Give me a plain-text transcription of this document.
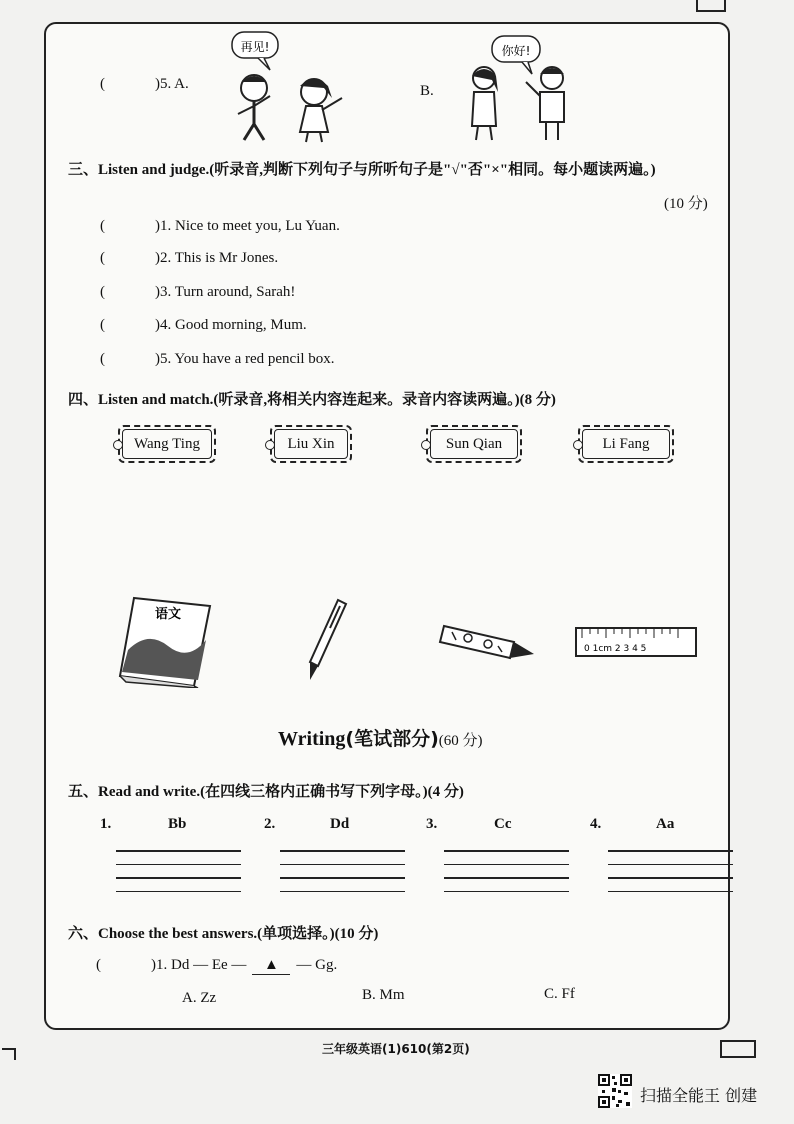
(	) 5. A.
再见!
B.
你好!
三、Listen and judge.(听录音,判断下列句子与所听句子是"√"否"×"相同。每小题读两遍。)
(10 分)
(	) 1. Nice to meet you, Lu Yuan.
(	) 2. This is Mr Jones.
(	) 3. Turn around, Sarah!
(	) 4. Good morning, Mum.
(	) 5. You have a red pencil box.
四、Listen and match.(听录音,将相关内容连起来。录音内容读两遍。)(8 分)
Wang Ting	Liu Xin	Sun Qian	Li Fang
语文
0 1cm 2 3 4 5
Writing (笔试部分) (60 分)
五、Read and write.(在四线三格内正确书写下列字母。)(4 分)
1.	Bb	2.	Dd	3.	Cc	4.	Aa
六、Choose the best answers.(单项选择。)(10 分)
(	) 1. Dd — Ee —	▲	— Gg.
A. Zz	B. Mm	C. Ff
三年级英语(1)610(第2页)
扫描全能王 创建
